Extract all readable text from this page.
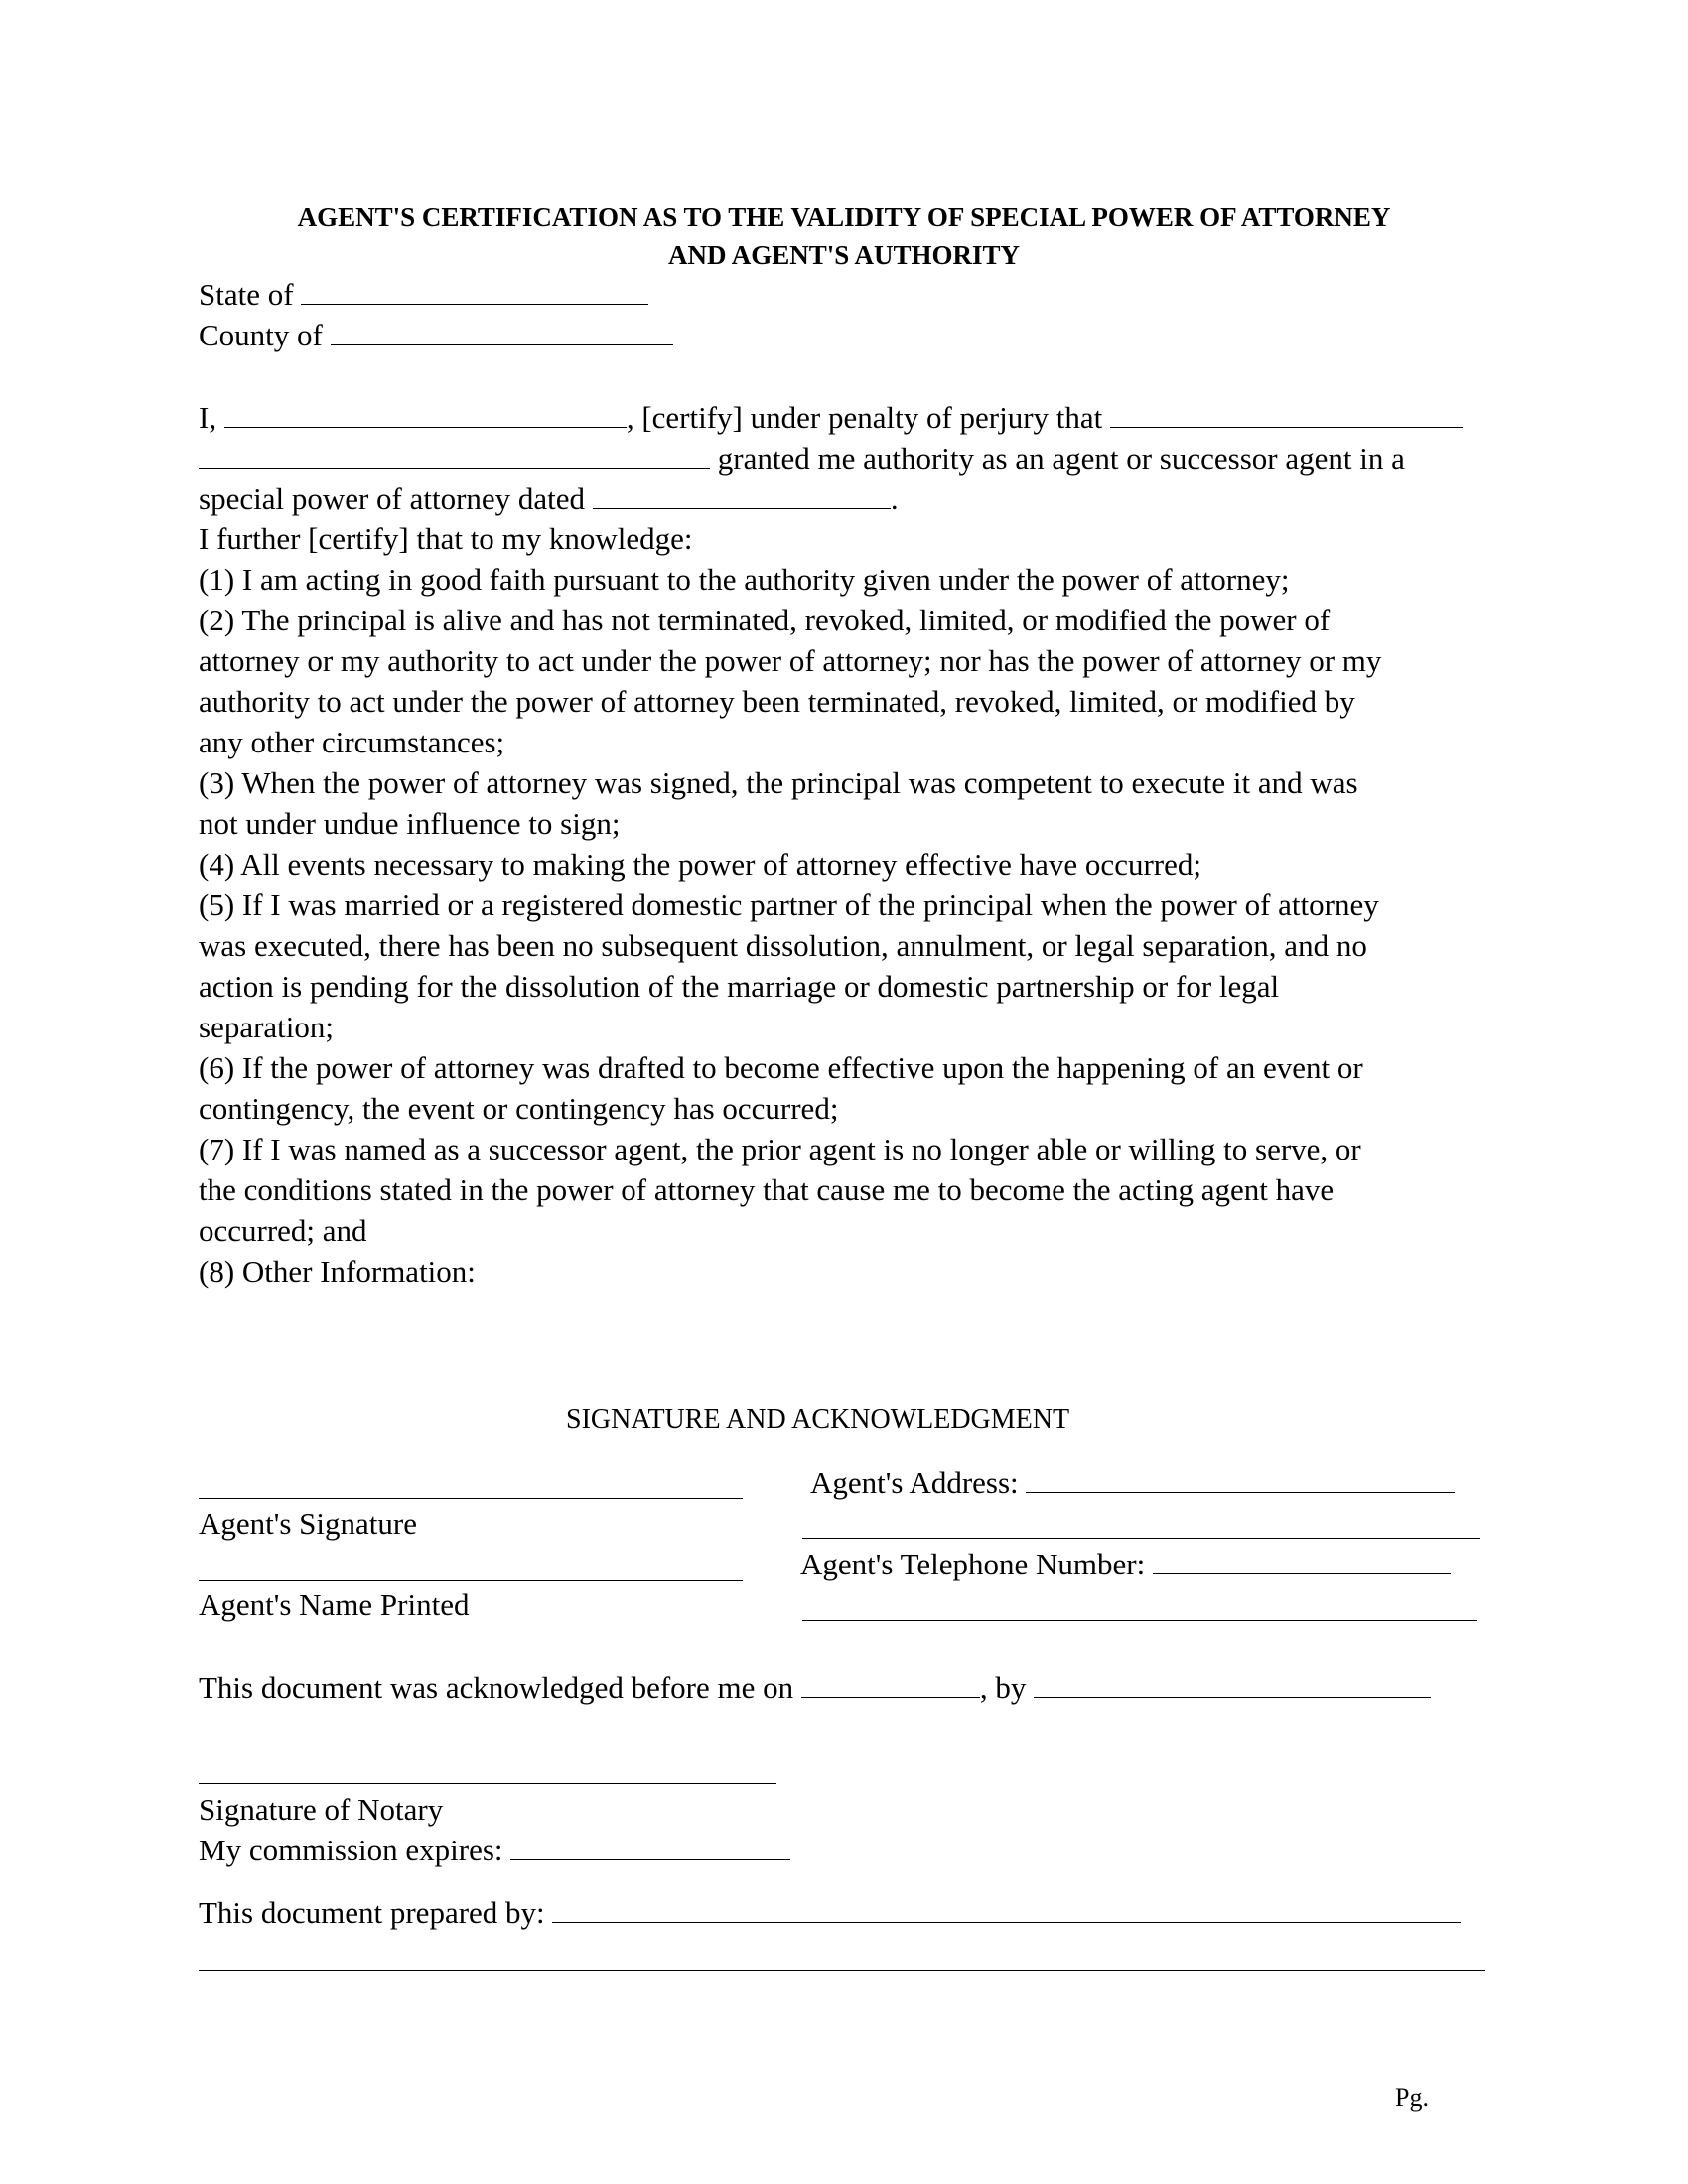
AGENT'S CERTIFICATION AS TO THE VALIDITY OF SPECIAL POWER OF ATTORNEY
AND AGENT'S AUTHORITY
State of
County of
I,	, [certify] under penalty of perjury that
granted me authority as an agent or successor agent in a
special power of attorney dated	.
I further [certify] that to my knowledge:
(1) I am acting in good faith pursuant to the authority given under the power of attorney;
(2) The principal is alive and has not terminated, revoked, limited, or modified the power of
attorney or my authority to act under the power of attorney; nor has the power of attorney or my
authority to act under the power of attorney been terminated, revoked, limited, or modified by
any other circumstances;
(3) When the power of attorney was signed, the principal was competent to execute it and was
not under undue influence to sign;
(4) All events necessary to making the power of attorney effective have occurred;
(5) If I was married or a registered domestic partner of the principal when the power of attorney
was executed, there has been no subsequent dissolution, annulment, or legal separation, and no
action is pending for the dissolution of the marriage or domestic partnership or for legal
separation;
(6) If the power of attorney was drafted to become effective upon the happening of an event or
contingency, the event or contingency has occurred;
(7) If I was named as a successor agent, the prior agent is no longer able or willing to serve, or
the conditions stated in the power of attorney that cause me to become the acting agent have
occurred; and
(8) Other Information:
SIGNATURE AND ACKNOWLEDGMENT
Agent's Address:
Agent's Signature
Agent's Telephone Number:
Agent's Name Printed
This document was acknowledged before me on	, by
Signature of Notary
My commission expires:
This document prepared by:
Pg.
